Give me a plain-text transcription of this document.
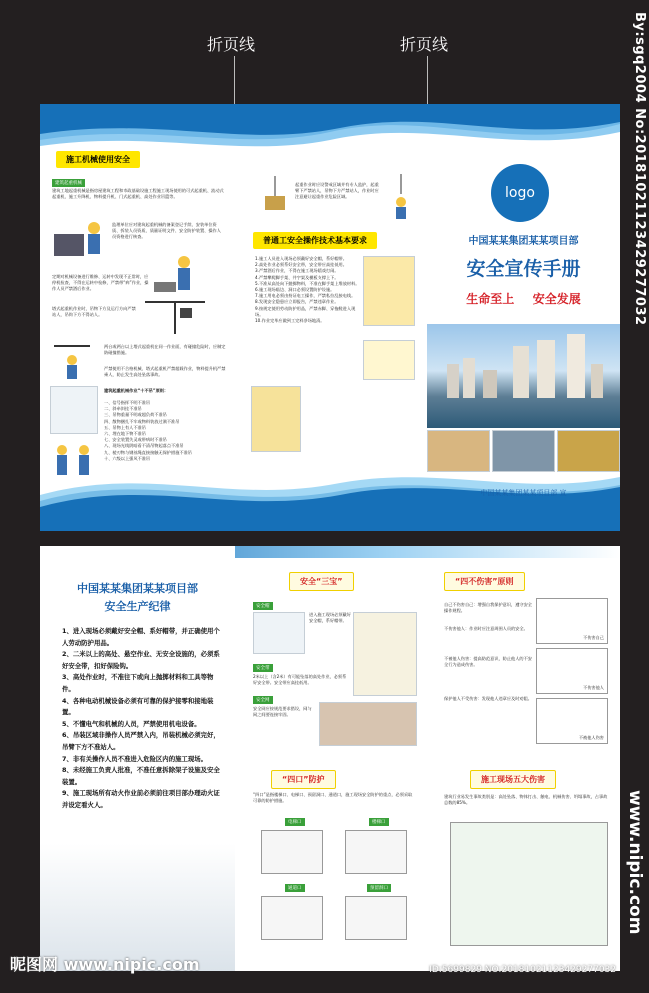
折页线	折页线	By:sgq2004 No:20181021123429277032
www.nipic.com
施工机械使用安全
建筑起重机械
建筑工地起重机械是指房屋建筑工程和市政基础设施工程施工现场使用的可式起重机、流动式起重机、施工升降机、物料提升机、门式起重机、高处作业吊篮等。
监理单位应对建筑起重机械的备案登记手续、安装单位资质、拆装人员资质、质量证明文件、安全防护装置、操作人员资格进行核查。
定期对机械设备进行维修、运转中发现不正常时，应停机检查，不得在运转中检修，严禁带“病”作业，操作人员严禁酒后作业。
塔式起重机作业时，吊物下方及运行方向严禁站人，吊钩下方不得站人。
两台或两台以上塔式起重机在同一作业面，有碰撞危险时，应制定防碰撞措施。
严禁使用不合格机械、塔式起重机严禁超载作业，物料提升机严禁乘人，防止发生高处坠落事故。
建筑起重机械作业“十不吊”原则：
一、信号指挥不明不准吊
二、斜牵斜挂不准吊
三、吊物重量不明或超负荷不准吊
四、散物捆扎不牢或物料装放过满不准吊
五、吊物上有人不准吊
六、埋在地下物不准吊
七、安全装置失灵或带病时不准吊
八、现场光线阴暗看不清吊物起落点不准吊
九、棱刃物与钢丝绳直接接触无保护措施不准吊
十、六级以上强风不准吊
起重作业时应设警戒区域并有专人监护，起重臂下严禁站人，吊物下方严禁站人，作业时应注意避让起重作业危险区域。
普通工安全操作技术基本要求
1.施工人员进入现场必须戴好安全帽，系好帽带。
2.高处作业必须系好安全带，安全带应高挂低用。
3.严禁酒后作业，不得在施工现场嬉戏打闹。
4.严禁攀爬脚手架、井字架及模板支撑上下。
5.不准从高处向下抛掷物料，不准在脚手架上堆放材料。
6.施工现场临边、洞口必须设置防护设施。
7.施工用电必须由持证电工操作，严禁私拉乱接电线。
8.发现安全隐患应立即报告，严禁违章作业。
9.按规定使用劳动防护用品，严禁赤脚、穿拖鞋进入现场。
10.作业完毕应做到工完料净场地清。
logo
中国某某集团某某项目部
安全宣传手册
生命至上 安全发展
中国某某集团某某项目部 宣
中国某某集团某某项目部
安全生产纪律

1、进入现场必须戴好安全帽、系好帽带，并正确使用个人劳动防护用品。

2、二米以上的高处、悬空作业、无安全设施的，必须系好安全带，扣好保险钩。

3、高处作业时，不准往下或向上抛掷材料和工具等物件。

4、各种电动机械设备必须有可靠的保护接零和接地装置。

5、不懂电气和机械的人员，严禁使用机电设备。

6、吊装区域非操作人员严禁入内，吊装机械必须完好，吊臂下方不准站人。

7、非有关操作人员不准进入危险区内的施工现场。

8、未经施工负责人批准，不准任意拆除架子设施及安全装置。

9、施工现场所有动火作业前必须前往项目部办理动火证并设定看火人。

安全“三宝”
安全帽
进入施工现场必须戴好安全帽，系好帽带。
安全带
2米以上（含2米）有可能坠落的高处作业，必须系好安全带。安全带应高挂低用。
安全网
安全网应按规范要求搭设，网与网之间要连接牢固。
“四口”防护
“四口”是指楼梯口、电梯口、预留洞口、通道口，施工现场安全防护的重点，必须采取可靠的防护措施。
电梯口	楼梯口
通道口	预留洞口
“四不伤害”原则
自己不伤害自己：增强自我保护意识，遵守安全操作规程。
不伤害他人：作业时应注意周围人员的安全。
不被他人伤害：提高防范意识，防止他人的不安全行为造成伤害。
保护他人不受伤害：发现他人违章应及时劝阻。
不伤害自己
不伤害他人
不被他人伤害
施工现场五大伤害
建筑行业易发生事故类别是：高处坠落、物体打击、触电、机械伤害、坍塌事故，占事故总数的85%。
昵图网 www.nipic.com	ID:5699829 NO:20181021123429277032
